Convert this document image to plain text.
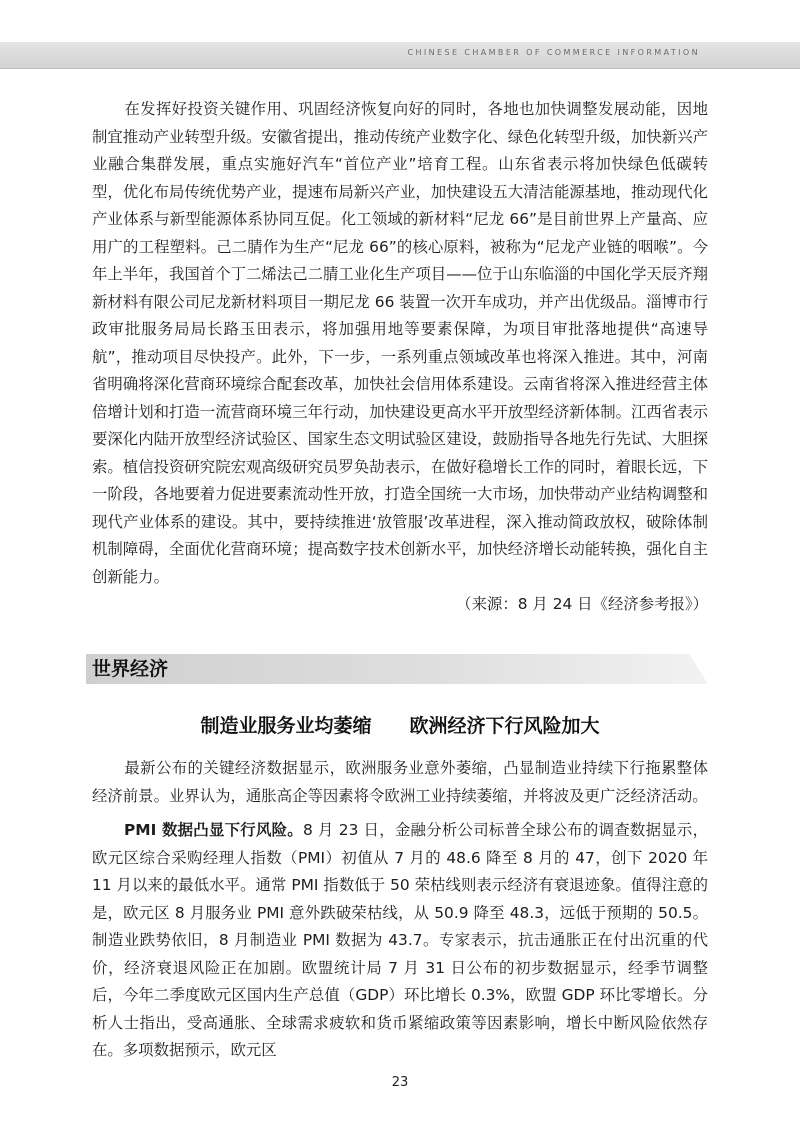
CHINESE CHAMBER OF COMMERCE INFORMATION

在发挥好投资关键作用、巩固经济恢复向好的同时，各地也加快调整发展动能，因地制宜推动产业转型升级。安徽省提出，推动传统产业数字化、绿色化转型升级，加快新兴产业融合集群发展，重点实施好汽车“首位产业”培育工程。山东省表示将加快绿色低碳转型，优化布局传统优势产业，提速布局新兴产业，加快建设五大清洁能源基地，推动现代化产业体系与新型能源体系协同互促。化工领域的新材料“尼龙 66”是目前世界上产量高、应用广的工程塑料。己二腈作为生产“尼龙 66”的核心原料，被称为“尼龙产业链的咽喉”。今年上半年，我国首个丁二烯法己二腈工业化生产项目——位于山东临淄的中国化学天辰齐翔新材料有限公司尼龙新材料项目一期尼龙 66 装置一次开车成功，并产出优级品。淄博市行政审批服务局局长路玉田表示，将加强用地等要素保障，为项目审批落地提供“高速导航”，推动项目尽快投产。此外，下一步，一系列重点领域改革也将深入推进。其中，河南省明确将深化营商环境综合配套改革，加快社会信用体系建设。云南省将深入推进经营主体倍增计划和打造一流营商环境三年行动，加快建设更高水平开放型经济新体制。江西省表示要深化内陆开放型经济试验区、国家生态文明试验区建设，鼓励指导各地先行先试、大胆探索。植信投资研究院宏观高级研究员罗奂劼表示，在做好稳增长工作的同时，着眼长远，下一阶段，各地要着力促进要素流动性开放，打造全国统一大市场，加快带动产业结构调整和现代产业体系的建设。其中，要持续推进‘放管服’改革进程，深入推动简政放权，破除体制机制障碍，全面优化营商环境；提高数字技术创新水平，加快经济增长动能转换，强化自主创新能力。
（来源：8 月 24 日《经济参考报》）

世界经济
制造业服务业均萎缩　　欧洲经济下行风险加大

最新公布的关键经济数据显示，欧洲服务业意外萎缩，凸显制造业持续下行拖累整体经济前景。业界认为，通胀高企等因素将令欧洲工业持续萎缩，并将波及更广泛经济活动。

PMI 数据凸显下行风险。8 月 23 日，金融分析公司标普全球公布的调查数据显示，欧元区综合采购经理人指数（PMI）初值从 7 月的 48.6 降至 8 月的 47，创下 2020 年 11 月以来的最低水平。通常 PMI 指数低于 50 荣枯线则表示经济有衰退迹象。值得注意的是，欧元区 8 月服务业 PMI 意外跌破荣枯线，从 50.9 降至 48.3，远低于预期的 50.5。制造业跌势依旧，8 月制造业 PMI 数据为 43.7。专家表示，抗击通胀正在付出沉重的代价，经济衰退风险正在加剧。欧盟统计局 7 月 31 日公布的初步数据显示，经季节调整后，今年二季度欧元区国内生产总值（GDP）环比增长 0.3%，欧盟 GDP 环比零增长。分析人士指出，受高通胀、全球需求疲软和货币紧缩政策等因素影响，增长中断风险依然存在。多项数据预示，欧元区

23
